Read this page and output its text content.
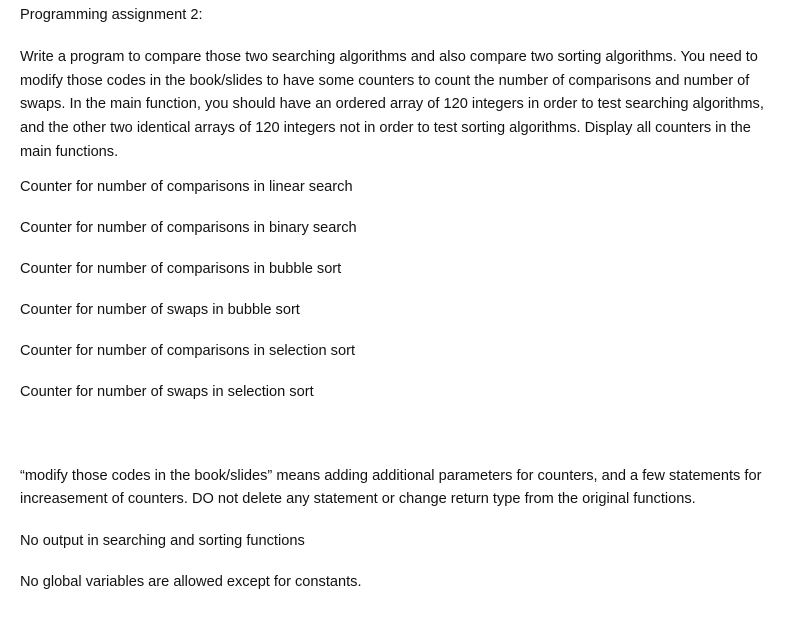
Programming assignment 2:

Write a program to compare those two searching algorithms and also compare two sorting algorithms. You need to modify those codes in the book/slides to have some counters to count the number of comparisons and number of swaps. In the main function, you should have an ordered array of 120 integers in order to test searching algorithms, and the other two identical arrays of 120 integers not in order to test sorting algorithms. Display all counters in the main functions.

Counter for number of comparisons in linear search

Counter for number of comparisons in binary search

Counter for number of comparisons in bubble sort

Counter for number of swaps in bubble sort

Counter for number of comparisons in selection sort

Counter for number of swaps in selection sort

“modify those codes in the book/slides” means adding additional parameters for counters, and a few statements for increasement of counters. DO not delete any statement or change return type from the original functions.

No output in searching and sorting functions

No global variables are allowed except for constants.
